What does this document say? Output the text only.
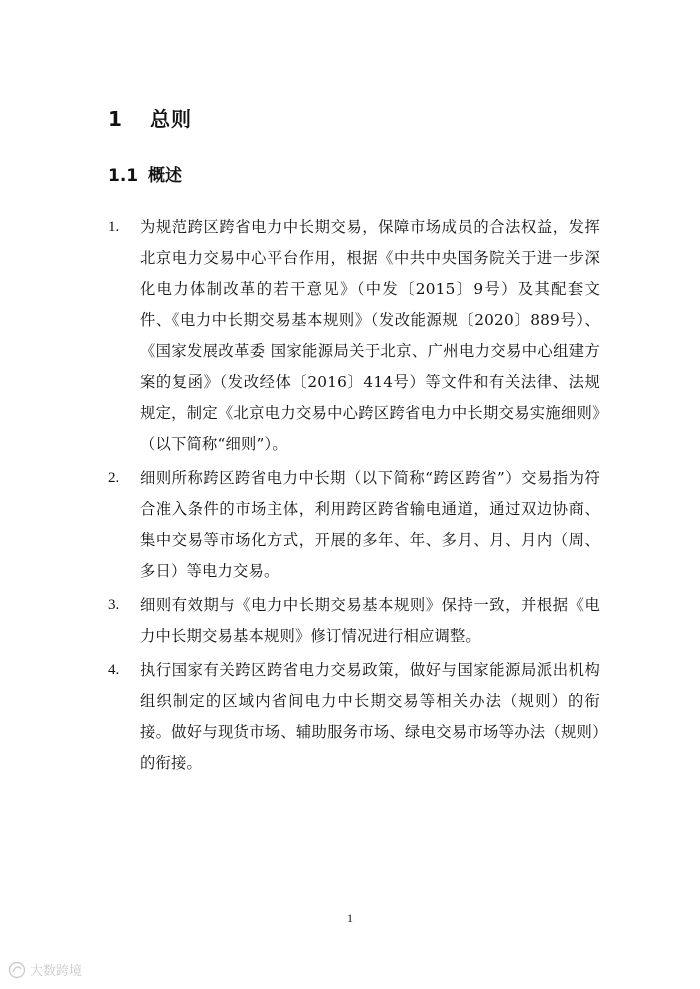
1 总则
1.1 概述
1. 为规范跨区跨省电力中长期交易，保障市场成员的合法权益，发挥北京电力交易中心平台作用，根据《中共中央国务院关于进一步深化电力体制改革的若干意见》（中发〔2015〕9号）及其配套文件、《电力中长期交易基本规则》（发改能源规〔2020〕889号）、《国家发展改革委 国家能源局关于北京、广州电力交易中心组建方案的复函》（发改经体〔2016〕414号）等文件和有关法律、法规规定，制定《北京电力交易中心跨区跨省电力中长期交易实施细则》（以下简称“细则”）。
2. 细则所称跨区跨省电力中长期（以下简称“跨区跨省”）交易指为符合准入条件的市场主体，利用跨区跨省输电通道，通过双边协商、集中交易等市场化方式，开展的多年、年、多月、月、月内（周、多日）等电力交易。
3. 细则有效期与《电力中长期交易基本规则》保持一致，并根据《电力中长期交易基本规则》修订情况进行相应调整。
4. 执行国家有关跨区跨省电力交易政策，做好与国家能源局派出机构组织制定的区域内省间电力中长期交易等相关办法（规则）的衔接。做好与现货市场、辅助服务市场、绿电交易市场等办法（规则）的衔接。
1
大数跨境
